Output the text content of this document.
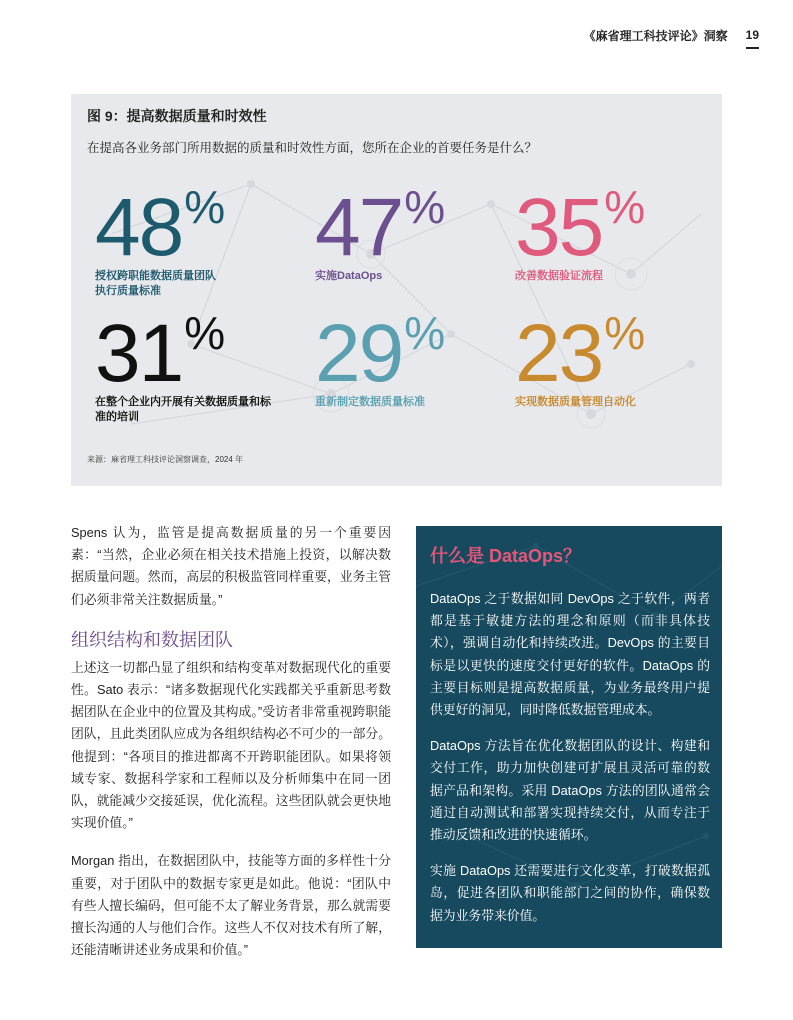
《麻省理工科技评论》洞察 19
图 9：提高数据质量和时效性
在提高各业务部门所用数据的质量和时效性方面，您所在企业的首要任务是什么？
48 %
授权跨职能数据质量团队执行质量标准
47 %
实施DataOps
35 %
改善数据验证流程
31 %
在整个企业内开展有关数据质量和标准的培训
29 %
重新制定数据质量标准
23 %
实现数据质量管理自动化
来源：麻省理工科技评论洞察调查，2024 年

Spens 认为，监管是提高数据质量的另一个重要因素：“当然，企业必须在相关技术措施上投资，以解决数据质量问题。然而，高层的积极监管同样重要，业务主管们必须非常关注数据质量。”

组织结构和数据团队

上述这一切都凸显了组织和结构变革对数据现代化的重要性。Sato 表示：“诸多数据现代化实践都关乎重新思考数据团队在企业中的位置及其构成。”受访者非常重视跨职能团队，且此类团队应成为各组织结构必不可少的一部分。他提到：“各项目的推进都离不开跨职能团队。如果将领域专家、数据科学家和工程师以及分析师集中在同一团队，就能减少交接延误，优化流程。这些团队就会更快地实现价值。”

Morgan 指出，在数据团队中，技能等方面的多样性十分重要，对于团队中的数据专家更是如此。他说：“团队中有些人擅长编码，但可能不太了解业务背景，那么就需要擅长沟通的人与他们合作。这些人不仅对技术有所了解，还能清晰讲述业务成果和价值。”

什么是 DataOps？

DataOps 之于数据如同 DevOps 之于软件，两者都是基于敏捷方法的理念和原则（而非具体技术），强调自动化和持续改进。DevOps 的主要目标是以更快的速度交付更好的软件。DataOps 的主要目标则是提高数据质量，为业务最终用户提供更好的洞见，同时降低数据管理成本。

DataOps 方法旨在优化数据团队的设计、构建和交付工作，助力加快创建可扩展且灵活可靠的数据产品和架构。采用 DataOps 方法的团队通常会通过自动测试和部署实现持续交付，从而专注于推动反馈和改进的快速循环。

实施 DataOps 还需要进行文化变革，打破数据孤岛，促进各团队和职能部门之间的协作，确保数据为业务带来价值。
